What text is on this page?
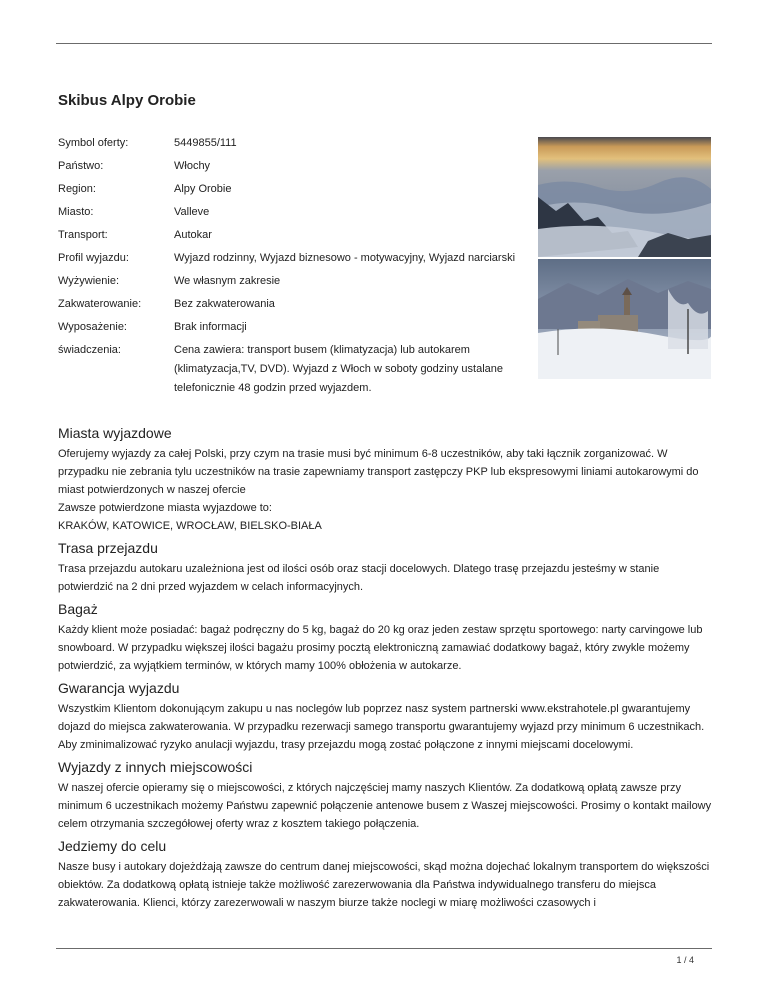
Skibus Alpy Orobie
Symbol oferty:	5449855/111
Państwo:	Włochy
Region:	Alpy Orobie
Miasto:	Valleve
Transport:	Autokar
Profil wyjazdu:	Wyjazd rodzinny, Wyjazd biznesowo - motywacyjny, Wyjazd narciarski
Wyżywienie:	We własnym zakresie
Zakwaterowanie:	Bez zakwaterowania
Wyposażenie:	Brak informacji
świadczenia:	Cena zawiera: transport busem (klimatyzacja) lub autokarem (klimatyzacja,TV, DVD). Wyjazd z Włoch w soboty godziny ustalane telefonicznie 48 godzin przed wyjazdem.
Miasta wyjazdowe

Oferujemy wyjazdy za całej Polski, przy czym na trasie musi być minimum 6-8 uczestników, aby taki łącznik zorganizować. W przypadku nie zebrania tylu uczestników na trasie zapewniamy transport zastępczy PKP lub ekspresowymi liniami autokarowymi do miast potwierdzonych w naszej ofercie

Zawsze potwierdzone miasta wyjazdowe to:

KRAKÓW, KATOWICE, WROCŁAW, BIELSKO-BIAŁA

Trasa przejazdu

Trasa przejazdu autokaru uzależniona jest od ilości osób oraz stacji docelowych. Dlatego trasę przejazdu jesteśmy w stanie potwierdzić na 2 dni przed wyjazdem w celach informacyjnych.

Bagaż

Każdy klient może posiadać: bagaż podręczny do 5 kg, bagaż do 20 kg oraz jeden zestaw sprzętu sportowego: narty carvingowe lub snowboard. W przypadku większej ilości bagażu prosimy pocztą elektroniczną zamawiać dodatkowy bagaż, który zwykle możemy potwierdzić, za wyjątkiem terminów, w których mamy 100% obłożenia w autokarze.

Gwarancja wyjazdu

Wszystkim Klientom dokonującym zakupu u nas noclegów lub poprzez nasz system partnerski www.ekstrahotele.pl gwarantujemy dojazd do miejsca zakwaterowania. W przypadku rezerwacji samego transportu gwarantujemy wyjazd przy minimum 6 uczestnikach. Aby zminimalizować ryzyko anulacji wyjazdu, trasy przejazdu mogą zostać połączone z innymi miejscami docelowymi.

Wyjazdy z innych miejscowości

W naszej ofercie opieramy się o miejscowości, z których najczęściej mamy naszych Klientów. Za dodatkową opłatą zawsze przy minimum 6 uczestnikach możemy Państwu zapewnić połączenie antenowe busem z Waszej miejscowości. Prosimy o kontakt mailowy celem otrzymania szczegółowej oferty wraz z kosztem takiego połączenia.

Jedziemy do celu

Nasze busy i autokary dojeżdżają zawsze do centrum danej miejscowości, skąd można dojechać lokalnym transportem do większości obiektów. Za dodatkową opłatą istnieje także możliwość zarezerwowania dla Państwa indywidualnego transferu do miejsca zakwaterowania. Klienci, którzy zarezerwowali w naszym biurze także noclegi w miarę możliwości czasowych i

1 / 4
